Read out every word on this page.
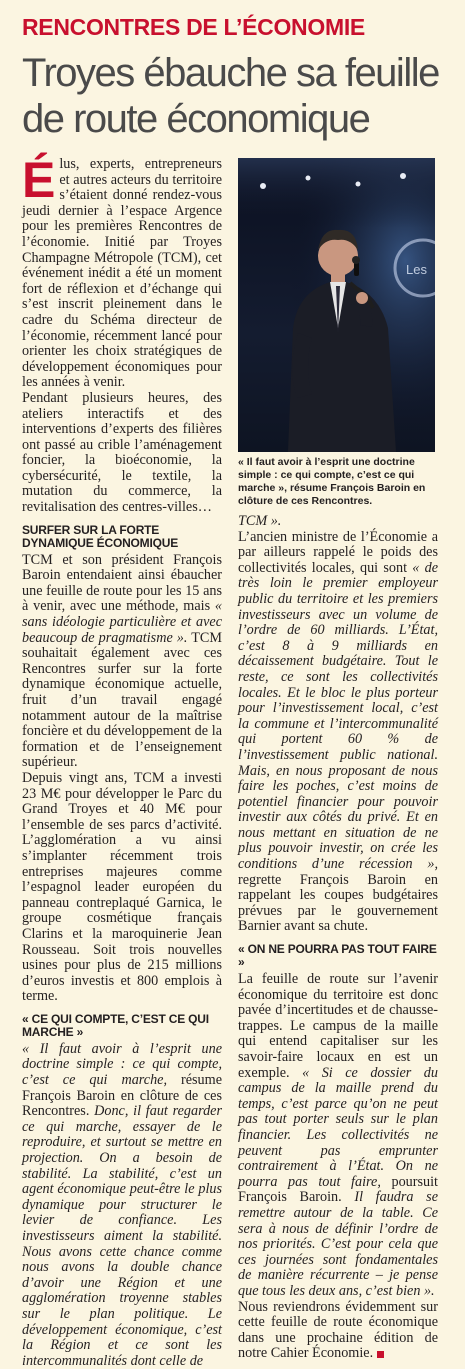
RENCONTRES DE L’ÉCONOMIE
Troyes ébauche sa feuille de route économique

Élus, experts, entrepreneurs et autres acteurs du territoire s’étaient donné rendez-vous jeudi dernier à l’espace Argence pour les premières Rencontres de l’économie. Initié par Troyes Champagne Métropole (TCM), cet événement inédit a été un moment fort de réflexion et d’échange qui s’est inscrit pleinement dans le cadre du Schéma directeur de l’économie, récemment lancé pour orienter les choix stratégiques de développement économiques pour les années à venir.

Pendant plusieurs heures, des ateliers interactifs et des interventions d’experts des filières ont passé au crible l’aménagement foncier, la bioéconomie, la cybersécurité, le textile, la mutation du commerce, la revitalisation des centres-villes…

SURFER SUR LA FORTE DYNAMIQUE ÉCONOMIQUE

TCM et son président François Baroin entendaient ainsi ébaucher une feuille de route pour les 15 ans à venir, avec une méthode, mais « sans idéologie particulière et avec beaucoup de pragmatisme ». TCM souhaitait également avec ces Rencontres surfer sur la forte dynamique économique actuelle, fruit d’un travail engagé notamment autour de la maîtrise foncière et du développement de la formation et de l’enseignement supérieur.

Depuis vingt ans, TCM a investi 23 M€ pour développer le Parc du Grand Troyes et 40 M€ pour l’ensemble de ses parcs d’activité. L’agglomération a vu ainsi s’implanter récemment trois entreprises majeures comme l’espagnol leader européen du panneau contreplaqué Garnica, le groupe cosmétique français Clarins et la maroquinerie Jean Rousseau. Soit trois nouvelles usines pour plus de 215 millions d’euros investis et 800 emplois à terme.

« CE QUI COMPTE, C’EST CE QUI MARCHE »

« Il faut avoir à l’esprit une doctrine simple : ce qui compte, c’est ce qui marche, résume François Baroin en clôture de ces Rencontres. Donc, il faut regarder ce qui marche, essayer de le reproduire, et surtout se mettre en projection. On a besoin de stabilité. La stabilité, c’est un agent économique peut-être le plus dynamique pour structurer le levier de confiance. Les investisseurs aiment la stabilité. Nous avons cette chance comme nous avons la double chance d’avoir une Région et une agglomération troyenne stables sur le plan politique. Le développement économique, c’est la Région et ce sont les intercommunalités dont celle de

Les
« Il faut avoir à l’esprit une doctrine simple : ce qui compte, c’est ce qui marche », résume François Baroin en clôture de ces Rencontres.

TCM ».

L’ancien ministre de l’Économie a par ailleurs rappelé le poids des collectivités locales, qui sont « de très loin le premier employeur public du territoire et les premiers investisseurs avec un volume de l’ordre de 60 milliards. L’État, c’est 8 à 9 milliards en décaissement budgétaire. Tout le reste, ce sont les collectivités locales. Et le bloc le plus porteur pour l’investissement local, c’est la commune et l’intercommunalité qui portent 60 % de l’investissement public national. Mais, en nous proposant de nous faire les poches, c’est moins de potentiel financier pour pouvoir investir aux côtés du privé. Et en nous mettant en situation de ne plus pouvoir investir, on crée les conditions d’une récession », regrette François Baroin en rappelant les coupes budgétaires prévues par le gouvernement Barnier avant sa chute.

« ON NE POURRA PAS TOUT FAIRE »

La feuille de route sur l’avenir économique du territoire est donc pavée d’incertitudes et de chausse-trappes. Le campus de la maille qui entend capitaliser sur les savoir-faire locaux en est un exemple. « Si ce dossier du campus de la maille prend du temps, c’est parce qu’on ne peut pas tout porter seuls sur le plan financier. Les collectivités ne peuvent pas emprunter contrairement à l’État. On ne pourra pas tout faire, poursuit François Baroin. Il faudra se remettre autour de la table. Ce sera à nous de définir l’ordre de nos priorités. C’est pour cela que ces journées sont fondamentales de manière récurrente – je pense que tous les deux ans, c’est bien ».

Nous reviendrons évidemment sur cette feuille de route économique dans une prochaine édition de notre Cahier Économie.
